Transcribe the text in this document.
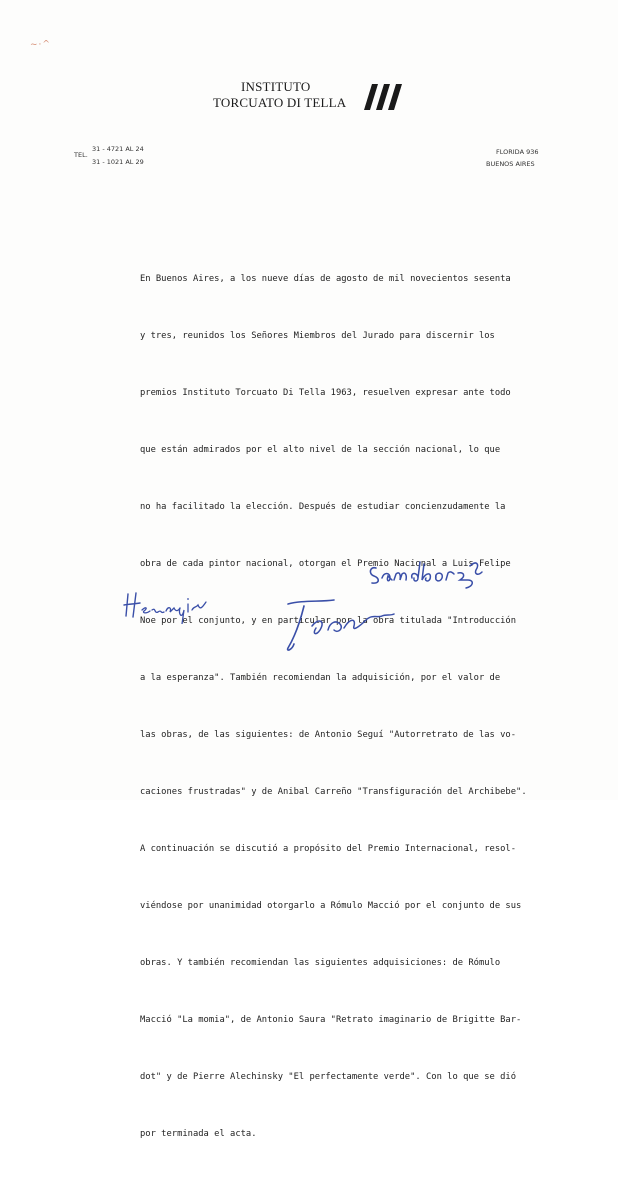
~·^
INSTITUTO
TORCUATO DI TELLA
TEL.
31 - 4721 AL 24
31 - 1021 AL 29
FLORIDA 936
BUENOS AIRES

En Buenos Aires, a los nueve días de agosto de mil novecientos sesenta

y tres, reunidos los Señores Miembros del Jurado para discernir los

premios Instituto Torcuato Di Tella 1963, resuelven expresar ante todo

que están admirados por el alto nivel de la sección nacional, lo que

no ha facilitado la elección. Después de estudiar concienzudamente la

obra de cada pintor nacional, otorgan el Premio Nacional a Luis Felipe

Noe por el conjunto, y en particular por la obra titulada "Introducción

a la esperanza". También recomiendan la adquisición, por el valor de

las obras, de las siguientes: de Antonio Seguí "Autorretrato de las vo-

caciones frustradas" y de Anibal Carreño "Transfiguración del Archibebe".

A continuación se discutió a propósito del Premio Internacional, resol-

viéndose por unanimidad otorgarlo a Rómulo Macció por el conjunto de sus

obras. Y también recomiendan las siguientes adquisiciones: de Rómulo

Macció "La momia", de Antonio Saura "Retrato imaginario de Brigitte Bar-

dot" y de Pierre Alechinsky "El perfectamente verde". Con lo que se dió

por terminada el acta.
